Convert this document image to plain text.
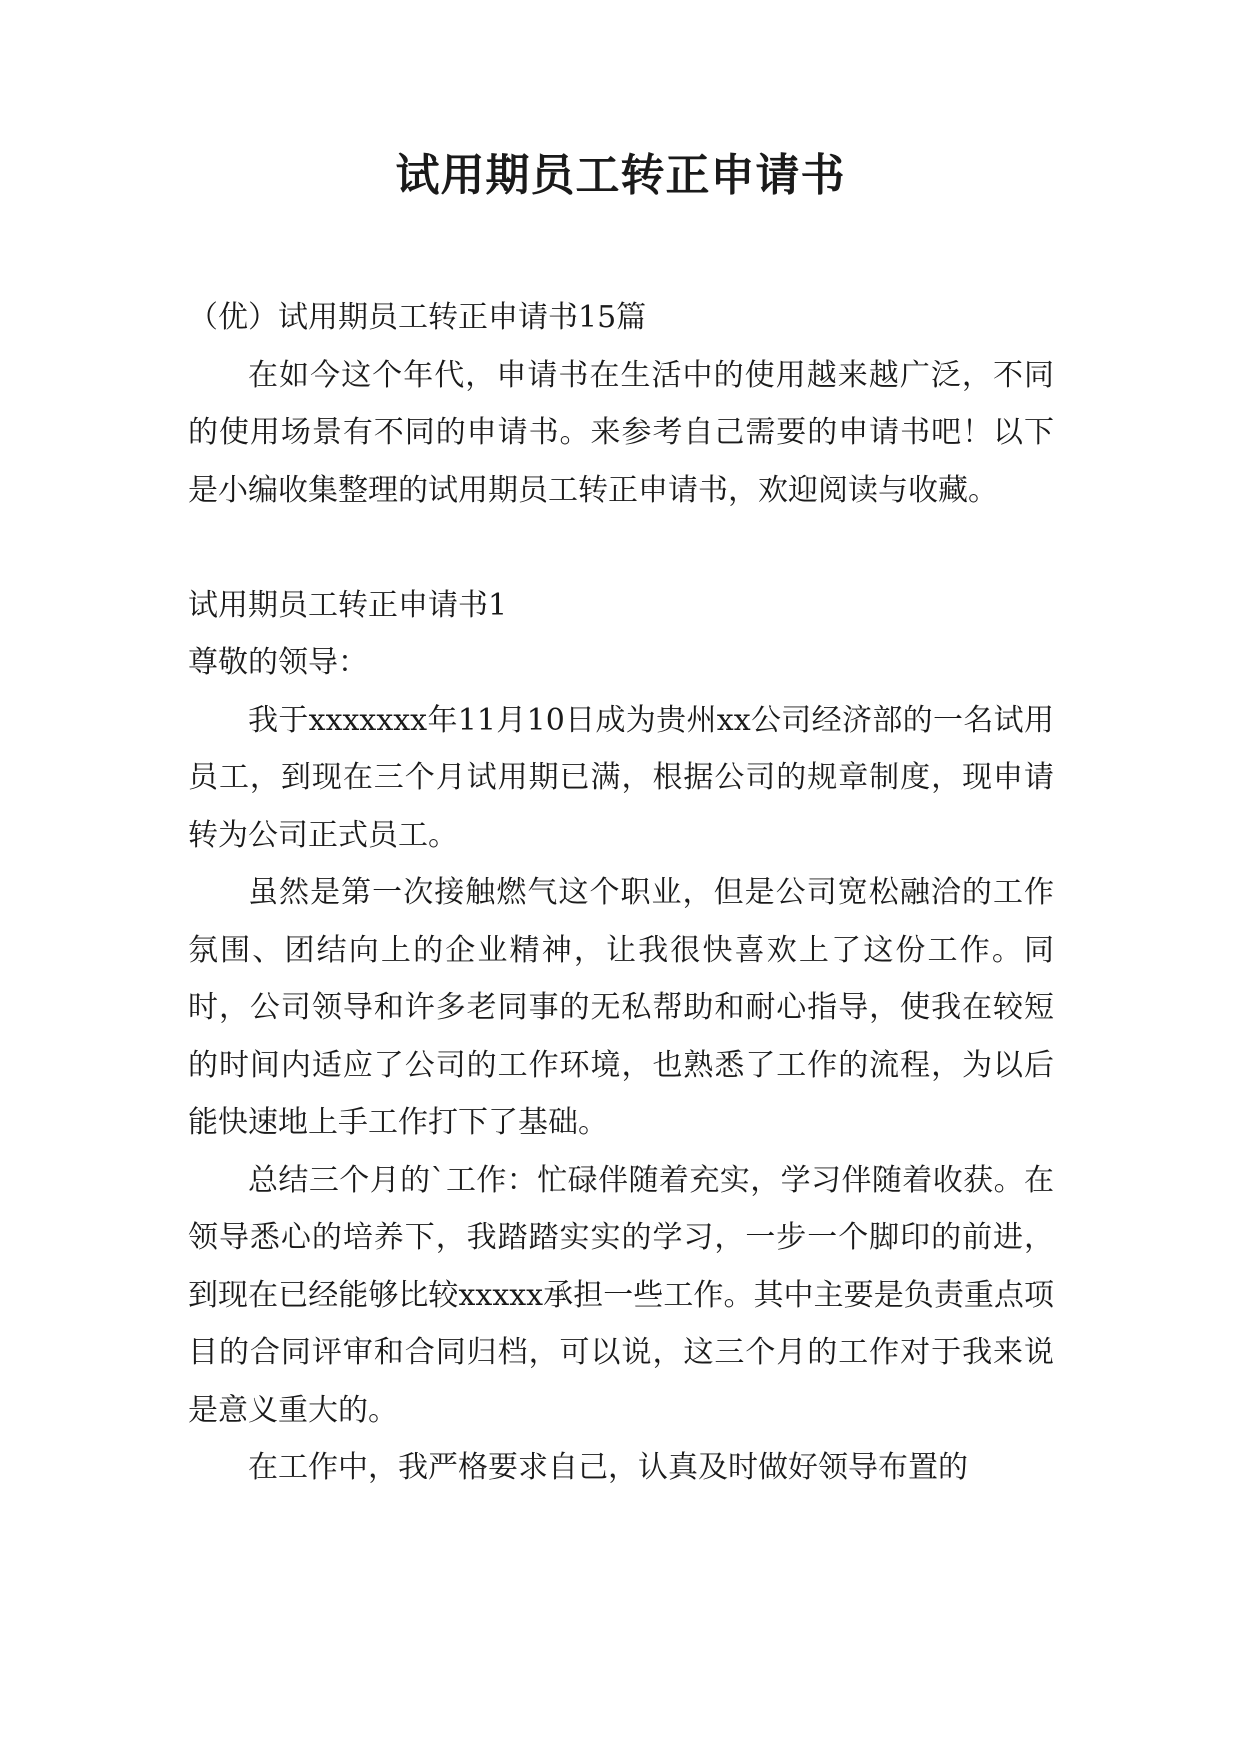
试用期员工转正申请书

（优）试用期员工转正申请书15篇

在如今这个年代，申请书在生活中的使用越来越广泛，不同的使用场景有不同的申请书。来参考自己需要的申请书吧！以下是小编收集整理的试用期员工转正申请书，欢迎阅读与收藏。

试用期员工转正申请书1

尊敬的领导：

我于xxxxxxx年11月10日成为贵州xx公司经济部的一名试用员工，到现在三个月试用期已满，根据公司的规章制度，现申请转为公司正式员工。

虽然是第一次接触燃气这个职业，但是公司宽松融洽的工作氛围、团结向上的企业精神，让我很快喜欢上了这份工作。同时，公司领导和许多老同事的无私帮助和耐心指导，使我在较短的时间内适应了公司的工作环境，也熟悉了工作的流程，为以后能快速地上手工作打下了基础。

总结三个月的`工作：忙碌伴随着充实，学习伴随着收获。在领导悉心的培养下，我踏踏实实的学习，一步一个脚印的前进，到现在已经能够比较xxxxx承担一些工作。其中主要是负责重点项目的合同评审和合同归档，可以说，这三个月的工作对于我来说是意义重大的。

在工作中，我严格要求自己，认真及时做好领导布置的
